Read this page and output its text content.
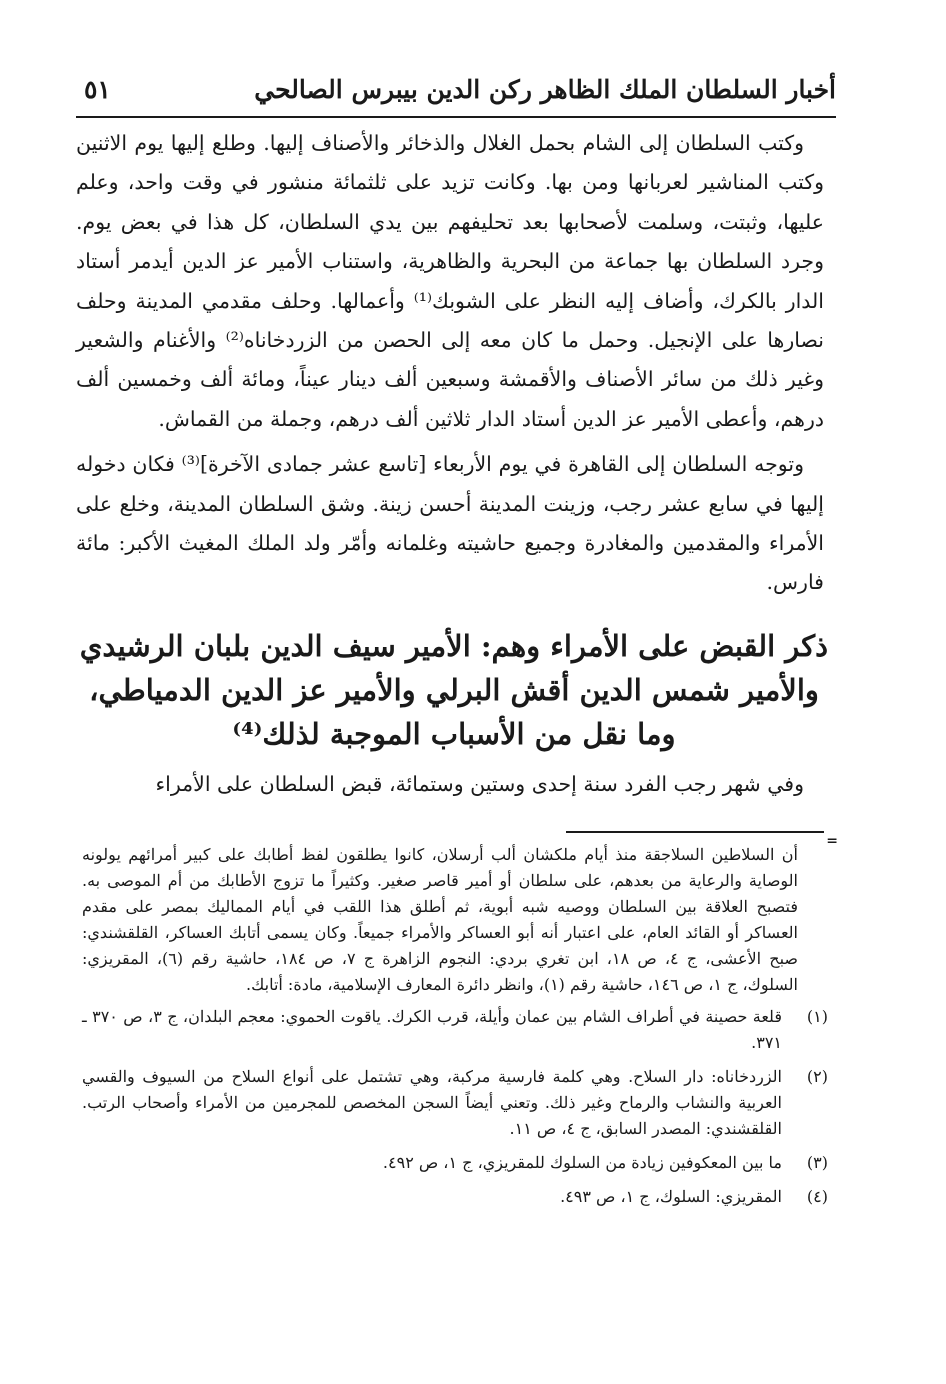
أخبار السلطان الملك الظاهر ركن الدين بيبرس الصالحي
٥١

وكتب السلطان إلى الشام بحمل الغلال والذخائر والأصناف إليها. وطلع إليها يوم الاثنين وكتب المناشير لعربانها ومن بها. وكانت تزيد على ثلثمائة منشور في وقت واحد، وعلم عليها، وثبتت، وسلمت لأصحابها بعد تحليفهم بين يدي السلطان، كل هذا في بعض يوم. وجرد السلطان بها جماعة من البحرية والظاهرية، واستناب الأمير عز الدين أيدمر أستاد الدار بالكرك، وأضاف إليه النظر على الشوبك⁽¹⁾ وأعمالها. وحلف مقدمي المدينة وحلف نصارها على الإنجيل. وحمل ما كان معه إلى الحصن من الزردخاناه⁽²⁾ والأغنام والشعير وغير ذلك من سائر الأصناف والأقمشة وسبعين ألف دينار عيناً، ومائة ألف وخمسين ألف درهم، وأعطى الأمير عز الدين أستاد الدار ثلاثين ألف درهم، وجملة من القماش.

وتوجه السلطان إلى القاهرة في يوم الأربعاء [تاسع عشر جمادى الآخرة]⁽³⁾ فكان دخوله إليها في سابع عشر رجب، وزينت المدينة أحسن زينة. وشق السلطان المدينة، وخلع على الأمراء والمقدمين والمغادرة وجميع حاشيته وغلمانه وأمّر ولد الملك المغيث الأكبر: مائة فارس.

ذكر القبض على الأمراء وهم: الأمير سيف الدين بلبان الرشيدي
والأمير شمس الدين أقش البرلي والأمير عز الدين الدمياطي،
وما نقل من الأسباب الموجبة لذلك⁽⁴⁾

وفي شهر رجب الفرد سنة إحدى وستين وستمائة، قبض السلطان على الأمراء

=

أن السلاطين السلاجقة منذ أيام ملكشان ألب أرسلان، كانوا يطلقون لفظ أطابك على كبير أمرائهم يولونه الوصاية والرعاية من بعدهم، على سلطان أو أمير قاصر صغير. وكثيراً ما تزوج الأطابك من أم الموصى به. فتصبح العلاقة بين السلطان ووصيه شبه أبوية، ثم أطلق هذا اللقب في أيام المماليك بمصر على مقدم العساكر أو القائد العام، على اعتبار أنه أبو العساكر والأمراء جميعاً. وكان يسمى أتابك العساكر، القلقشندي: صبح الأعشى، ج ٤، ص ١٨، ابن تغري بردي: النجوم الزاهرة ج ٧، ص ١٨٤، حاشية رقم (٦)، المقريزي: السلوك، ج ١، ص ١٤٦، حاشية رقم (١)، وانظر دائرة المعارف الإسلامية، مادة: أتابك.

(١)
قلعة حصينة في أطراف الشام بين عمان وأيلة، قرب الكرك. ياقوت الحموي: معجم البلدان، ج ٣، ص ٣٧٠ ـ ٣٧١.
(٢)
الزردخاناه: دار السلاح. وهي كلمة فارسية مركبة، وهي تشتمل على أنواع السلاح من السيوف والقسي العربية والنشاب والرماح وغير ذلك. وتعني أيضاً السجن المخصص للمجرمين من الأمراء وأصحاب الرتب. القلقشندي: المصدر السابق، ج ٤، ص ١١.
(٣)
ما بين المعكوفين زيادة من السلوك للمقريزي، ج ١، ص ٤٩٢.
(٤)
المقريزي: السلوك، ج ١، ص ٤٩٣.
